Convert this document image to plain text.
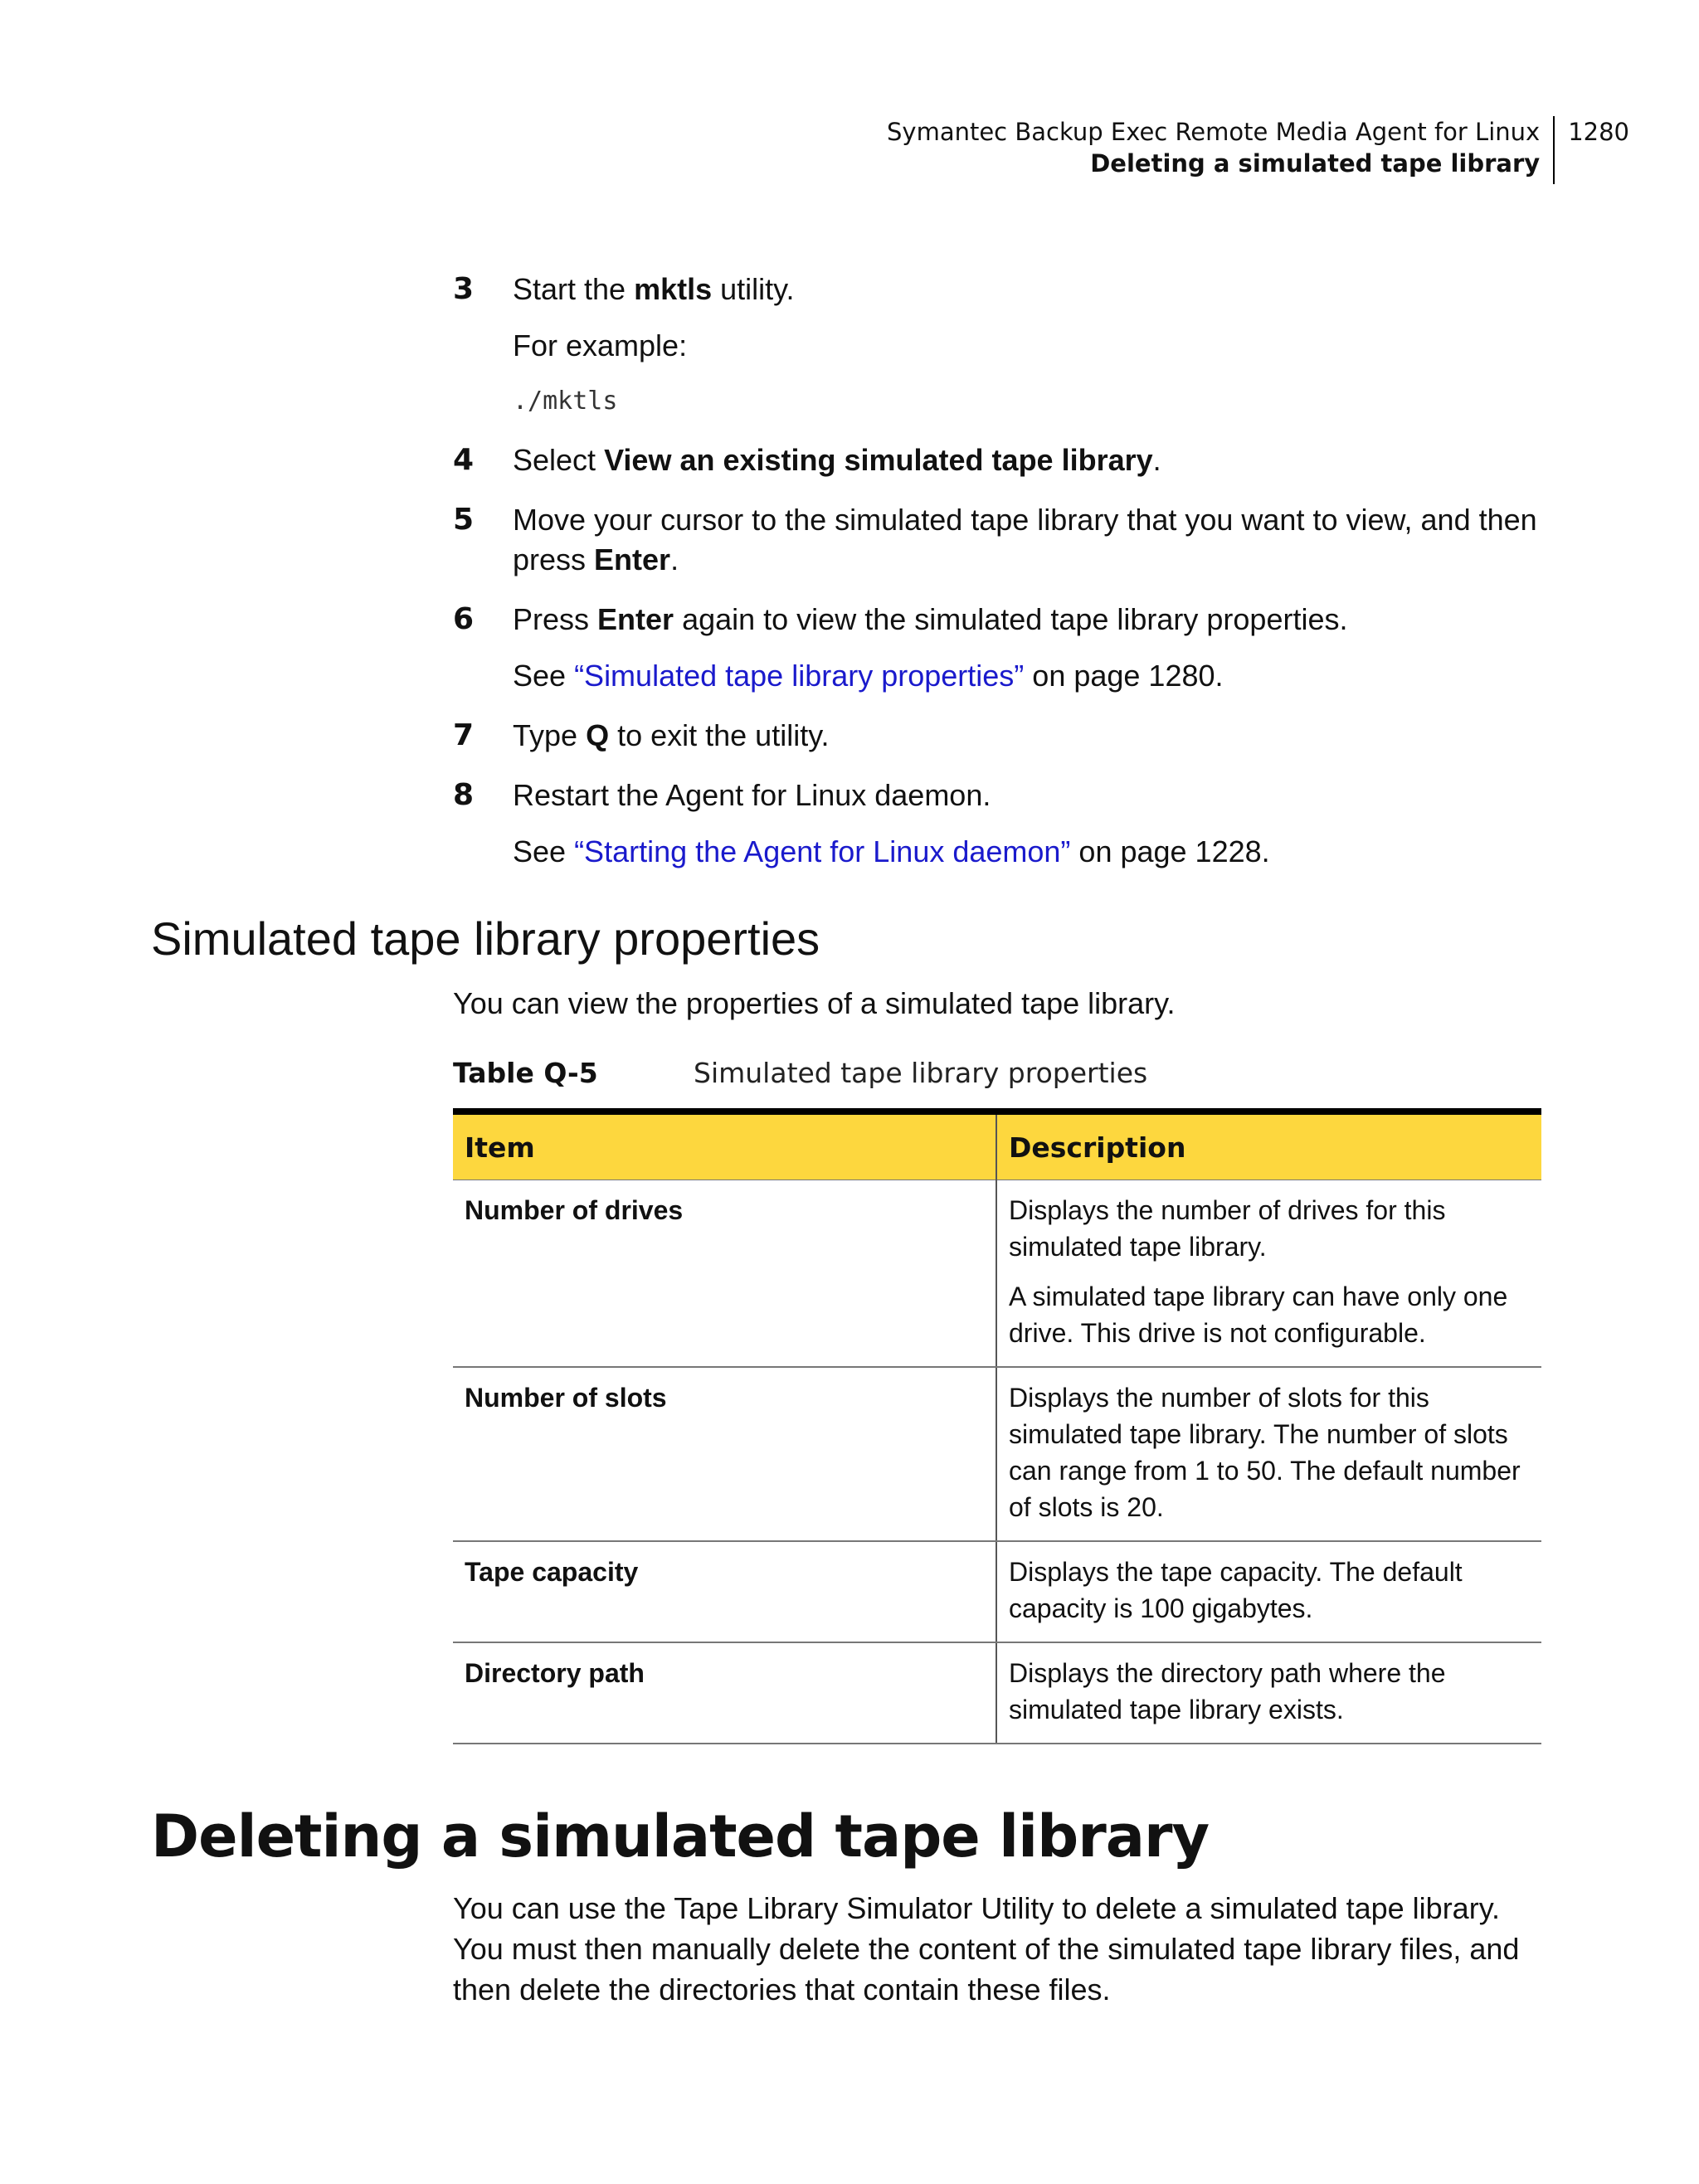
Symantec Backup Exec Remote Media Agent for Linux
Deleting a simulated tape library
1280
3	Start the mktls utility.

For example:

./mktls

4	Select View an existing simulated tape library.

5	Move your cursor to the simulated tape library that you want to view, and then press Enter.

6	Press Enter again to view the simulated tape library properties.

See “Simulated tape library properties” on page 1280.

7	Type Q to exit the utility.

8	Restart the Agent for Linux daemon.

See “Starting the Agent for Linux daemon” on page 1228.

Simulated tape library properties

You can view the properties of a simulated tape library.

Table Q-5	Simulated tape library properties
Item	Description
Number of drives	Displays the number of drives for this simulated tape library.

A simulated tape library can have only one drive. This drive is not configurable.

Number of slots	Displays the number of slots for this simulated tape library. The number of slots can range from 1 to 50. The default number of slots is 20.

Tape capacity	Displays the tape capacity. The default capacity is 100 gigabytes.

Directory path	Displays the directory path where the simulated tape library exists.

Deleting a simulated tape library

You can use the Tape Library Simulator Utility to delete a simulated tape library. You must then manually delete the content of the simulated tape library files, and then delete the directories that contain these files.
